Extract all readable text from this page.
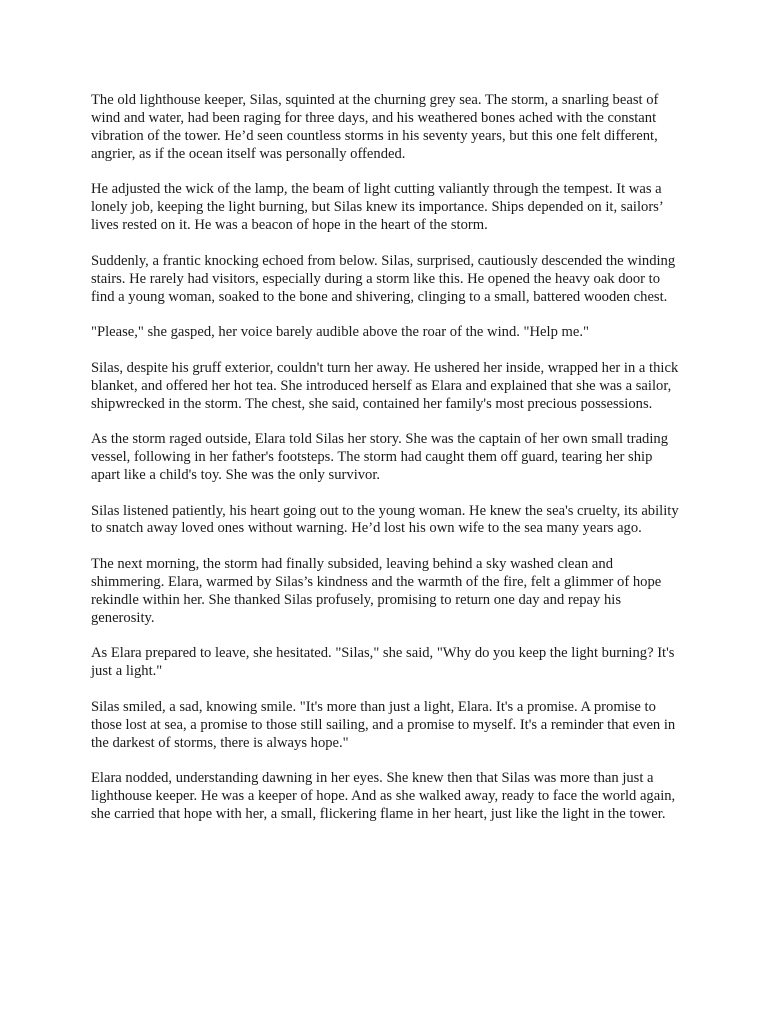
The old lighthouse keeper, Silas, squinted at the churning grey sea. The storm, a snarling beast of wind and water, had been raging for three days, and his weathered bones ached with the constant vibration of the tower. He’d seen countless storms in his seventy years, but this one felt different, angrier, as if the ocean itself was personally offended.

He adjusted the wick of the lamp, the beam of light cutting valiantly through the tempest. It was a lonely job, keeping the light burning, but Silas knew its importance. Ships depended on it, sailors’ lives rested on it. He was a beacon of hope in the heart of the storm.

Suddenly, a frantic knocking echoed from below. Silas, surprised, cautiously descended the winding stairs. He rarely had visitors, especially during a storm like this. He opened the heavy oak door to find a young woman, soaked to the bone and shivering, clinging to a small, battered wooden chest.

"Please," she gasped, her voice barely audible above the roar of the wind. "Help me."

Silas, despite his gruff exterior, couldn't turn her away. He ushered her inside, wrapped her in a thick blanket, and offered her hot tea. She introduced herself as Elara and explained that she was a sailor, shipwrecked in the storm. The chest, she said, contained her family's most precious possessions.

As the storm raged outside, Elara told Silas her story. She was the captain of her own small trading vessel, following in her father's footsteps. The storm had caught them off guard, tearing her ship apart like a child's toy. She was the only survivor.

Silas listened patiently, his heart going out to the young woman. He knew the sea's cruelty, its ability to snatch away loved ones without warning. He’d lost his own wife to the sea many years ago.

The next morning, the storm had finally subsided, leaving behind a sky washed clean and shimmering. Elara, warmed by Silas’s kindness and the warmth of the fire, felt a glimmer of hope rekindle within her. She thanked Silas profusely, promising to return one day and repay his generosity.

As Elara prepared to leave, she hesitated. "Silas," she said, "Why do you keep the light burning? It's just a light."

Silas smiled, a sad, knowing smile. "It's more than just a light, Elara. It's a promise. A promise to those lost at sea, a promise to those still sailing, and a promise to myself. It's a reminder that even in the darkest of storms, there is always hope."

Elara nodded, understanding dawning in her eyes. She knew then that Silas was more than just a lighthouse keeper. He was a keeper of hope. And as she walked away, ready to face the world again, she carried that hope with her, a small, flickering flame in her heart, just like the light in the tower.
